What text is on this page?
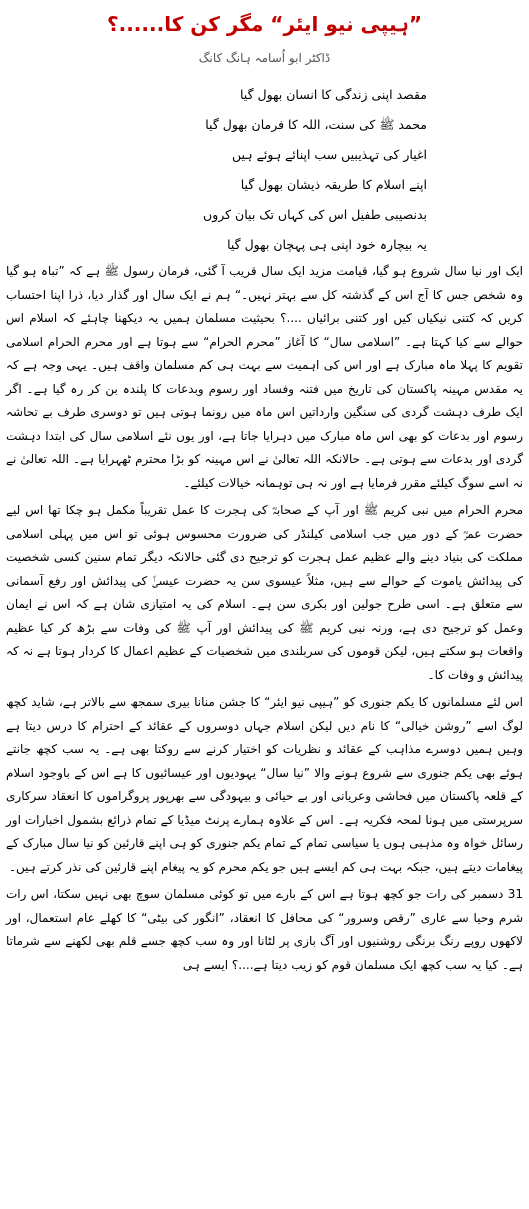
”ہیپی نیو ایئر“ مگر کن کا......؟
ڈاکٹر ابو اُسامہ ہانگ کانگ
مقصد اپنی زندگی کا انسان بھول گیا
محمد ﷺ کی سنت، اللہ کا فرمان بھول گیا
اغیار کی تہذیبیں سب اپنائے ہوئے ہیں
اپنے اسلام کا طریقہ ذیشان بھول گیا
بدنصیبی طفیل اس کی کہاں تک بیان کروں
یہ بیچارہ خود اپنی ہی پہچان بھول گیا

ایک اور نیا سال شروع ہو گیا، قیامت مزید ایک سال قریب آ گئی، فرمان رسول ﷺ ہے کہ ”تباہ ہو گیا وہ شخص جس کا آج اس کے گذشتہ کل سے بہتر نہیں۔“ ہم نے ایک سال اور گذار دیا، ذرا اپنا احتساب کریں کہ کتنی نیکیاں کیں اور کتنی برائیاں ....؟ بحیثیت مسلمان ہمیں یہ دیکھنا چاہئے کہ اسلام اس حوالے سے کیا کہتا ہے۔ ”اسلامی سال“ کا آغاز ”محرم الحرام“ سے ہوتا ہے اور محرم الحرام اسلامی تقویم کا پہلا ماہ مبارک ہے اور اس کی اہمیت سے بہت ہی کم مسلمان واقف ہیں۔ یہی وجہ ہے کہ یہ مقدس مہینہ پاکستان کی تاریخ میں فتنہ وفساد اور رسوم وبدعات کا پلندہ بن کر رہ گیا ہے۔ اگر ایک طرف دہشت گردی کی سنگین وارداتیں اس ماہ میں رونما ہوتی ہیں تو دوسری طرف بے تحاشہ رسوم اور بدعات کو بھی اس ماہ مبارک میں دہرایا جاتا ہے، اور یوں نئے اسلامی سال کی ابتدا دہشت گردی اور بدعات سے ہوتی ہے۔ حالانکہ اللہ تعالیٰ نے اس مہینہ کو بڑا محترم ٹھہرایا ہے۔ اللہ تعالیٰ نے نہ اسے سوگ کیلئے مقرر فرمایا ہے اور نہ ہی توہمانہ خیالات کیلئے۔

محرم الحرام میں نبی کریم ﷺ اور آپ کے صحابہؓ کی ہجرت کا عمل تقریباً مکمل ہو چکا تھا اس لیے حضرت عمرؓ کے دور میں جب اسلامی کیلنڈر کی ضرورت محسوس ہوئی تو اس میں پہلی اسلامی مملکت کی بنیاد دینے والے عظیم عمل ہجرت کو ترجیح دی گئی حالانکہ دیگر تمام سنین کسی شخصیت کی پیدائش یاموت کے حوالے سے ہیں، مثلاً عیسوی سن یہ حضرت عیسیٰؑ کی پیدائش اور رفع آسمانی سے متعلق ہے۔ اسی طرح جولین اور بکری سن ہے۔ اسلام کی یہ امتیازی شان ہے کہ اس نے ایمان وعمل کو ترجیح دی ہے، ورنہ نبی کریم ﷺ کی پیدائش اور آپ ﷺ کی وفات سے بڑھ کر کیا عظیم واقعات ہو سکتے ہیں، لیکن قوموں کی سربلندی میں شخصیات کے عظیم اعمال کا کردار ہوتا ہے نہ کہ پیدائش و وفات کا۔

اس لئے مسلمانوں کا یکم جنوری کو ”ہیپی نیو ایئر“ کا جشن منانا بیری سمجھ سے بالاتر ہے، شاید کچھ لوگ اسے ”روشن خیالی“ کا نام دیں لیکن اسلام جہاں دوسروں کے عقائد کے احترام کا درس دیتا ہے وہیں ہمیں دوسرے مذاہب کے عقائد و نظریات کو اختیار کرنے سے روکتا بھی ہے۔ یہ سب کچھ جانتے ہوئے بھی یکم جنوری سے شروع ہونے والا ”نیا سال“ یہودیوں اور عیسائیوں کا ہے اس کے باوجود اسلام کے قلعہ پاکستان میں فحاشی وعریانی اور بے حیائی و بیہودگی سے بھرپور پروگراموں کا انعقاد سرکاری سرپرستی میں ہونا لمحہ فکریہ ہے۔ اس کے علاوہ ہمارے پرنٹ میڈیا کے تمام ذرائع بشمول اخبارات اور رسائل خواہ وہ مذہبی ہوں یا سیاسی تمام کے تمام یکم جنوری کو ہی اپنے قارئین کو نیا سال مبارک کے پیغامات دیتے ہیں، جبکہ بہت ہی کم ایسے ہیں جو یکم محرم کو یہ پیغام اپنے قارئین کی نذر کرتے ہیں۔

31 دسمبر کی رات جو کچھ ہوتا ہے اس کے بارے میں تو کوئی مسلمان سوچ بھی نہیں سکتا، اس رات شرم وحیا سے عاری ”رقص وسرور“ کی محافل کا انعقاد، ”انگور کی بیٹی“ کا کھلے عام استعمال، اور لاکھوں روپے رنگ برنگی روشنیوں اور آگ بازی پر لٹانا اور وہ سب کچھ جسے قلم بھی لکھنے سے شرماتا ہے۔ کیا یہ سب کچھ ایک مسلمان قوم کو زیب دیتا ہے....؟ ایسے ہی
